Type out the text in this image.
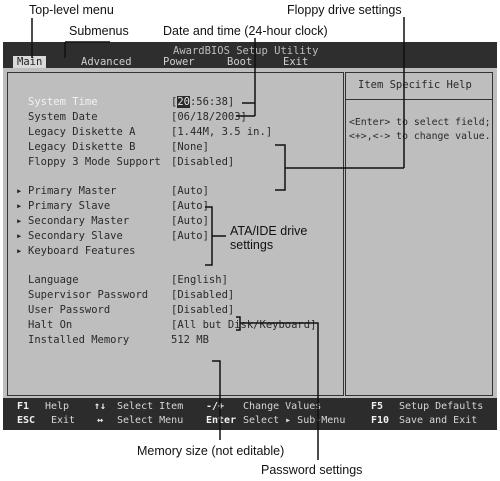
Top-level menu	Floppy drive settings
Submenus	Date and time (24-hour clock)
AwardBIOS Setup Utility
Main	Advanced	Power	Boot	Exit
System Time	[20:56:38]
System Date	[06/18/2003]
Legacy Diskette A	[1.44M, 3.5 in.]
Legacy Diskette B	[None]
Floppy 3 Mode Support [Disabled]
▸ Primary Master	[Auto]
▸ Primary Slave	[Auto]
▸ Secondary Master	[Auto]
▸ Secondary Slave	[Auto]
▸ Keyboard Features
Language	[English]
Supervisor Password [Disabled]
User Password	[Disabled]
Halt On	[All but Disk/Keyboard]
Installed Memory	512 MB
Item Specific Help
<Enter> to select field;
<+>,<-> to change value.
F1 Help ↑↓ Select Item -/+ Change Values	F5 Setup Defaults
ESC Exit ↔ Select Menu Enter Select ▸ Sub-Menu	F10 Save and Exit
ATA/IDE drive
settings
Memory size (not editable)
Password settings
